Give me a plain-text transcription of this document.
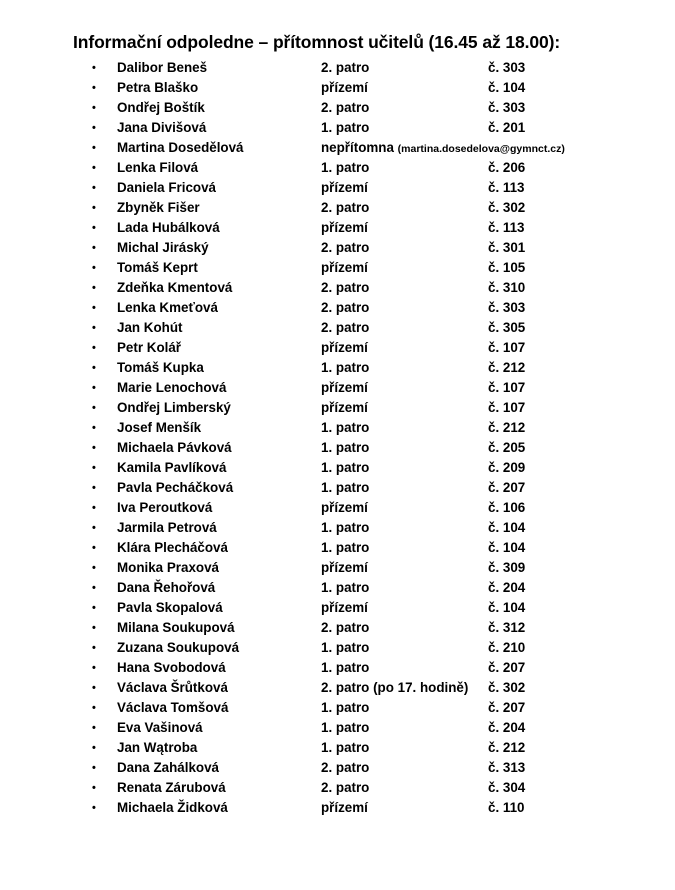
Informační odpoledne – přítomnost učitelů (16.45 až 18.00):
• Dalibor Beneš	2. patro	č. 303
• Petra Blaško	přízemí	č. 104
• Ondřej Boštík	2. patro	č. 303
• Jana Divišová	1. patro	č. 201
• Martina Dosedělová	nepřítomna (martina.dosedelova@gymnct.cz)
• Lenka Filová	1. patro	č. 206
• Daniela Fricová	přízemí	č. 113
• Zbyněk Fišer	2. patro	č. 302
• Lada Hubálková	přízemí	č. 113
• Michal Jiráský	2. patro	č. 301
• Tomáš Keprt	přízemí	č. 105
• Zdeňka Kmentová	2. patro	č. 310
• Lenka Kmeťová	2. patro	č. 303
• Jan Kohút	2. patro	č. 305
• Petr Kolář	přízemí	č. 107
• Tomáš Kupka	1. patro	č. 212
• Marie Lenochová	přízemí	č. 107
• Ondřej Limberský	přízemí	č. 107
• Josef Menšík	1. patro	č. 212
• Michaela Pávková	1. patro	č. 205
• Kamila Pavlíková	1. patro	č. 209
• Pavla Pecháčková	1. patro	č. 207
• Iva Peroutková	přízemí	č. 106
• Jarmila Petrová	1. patro	č. 104
• Klára Plecháčová	1. patro	č. 104
• Monika Praxová	přízemí	č. 309
• Dana Řehořová	1. patro	č. 204
• Pavla Skopalová	přízemí	č. 104
• Milana Soukupová	2. patro	č. 312
• Zuzana Soukupová	1. patro	č. 210
• Hana Svobodová	1. patro	č. 207
• Václava Šrůtková	2. patro (po 17. hodině) č. 302
• Václava Tomšová	1. patro	č. 207
• Eva Vašinová	1. patro	č. 204
• Jan Wątroba	1. patro	č. 212
• Dana Zahálková	2. patro	č. 313
• Renata Zárubová	2. patro	č. 304
• Michaela Židková	přízemí	č. 110
